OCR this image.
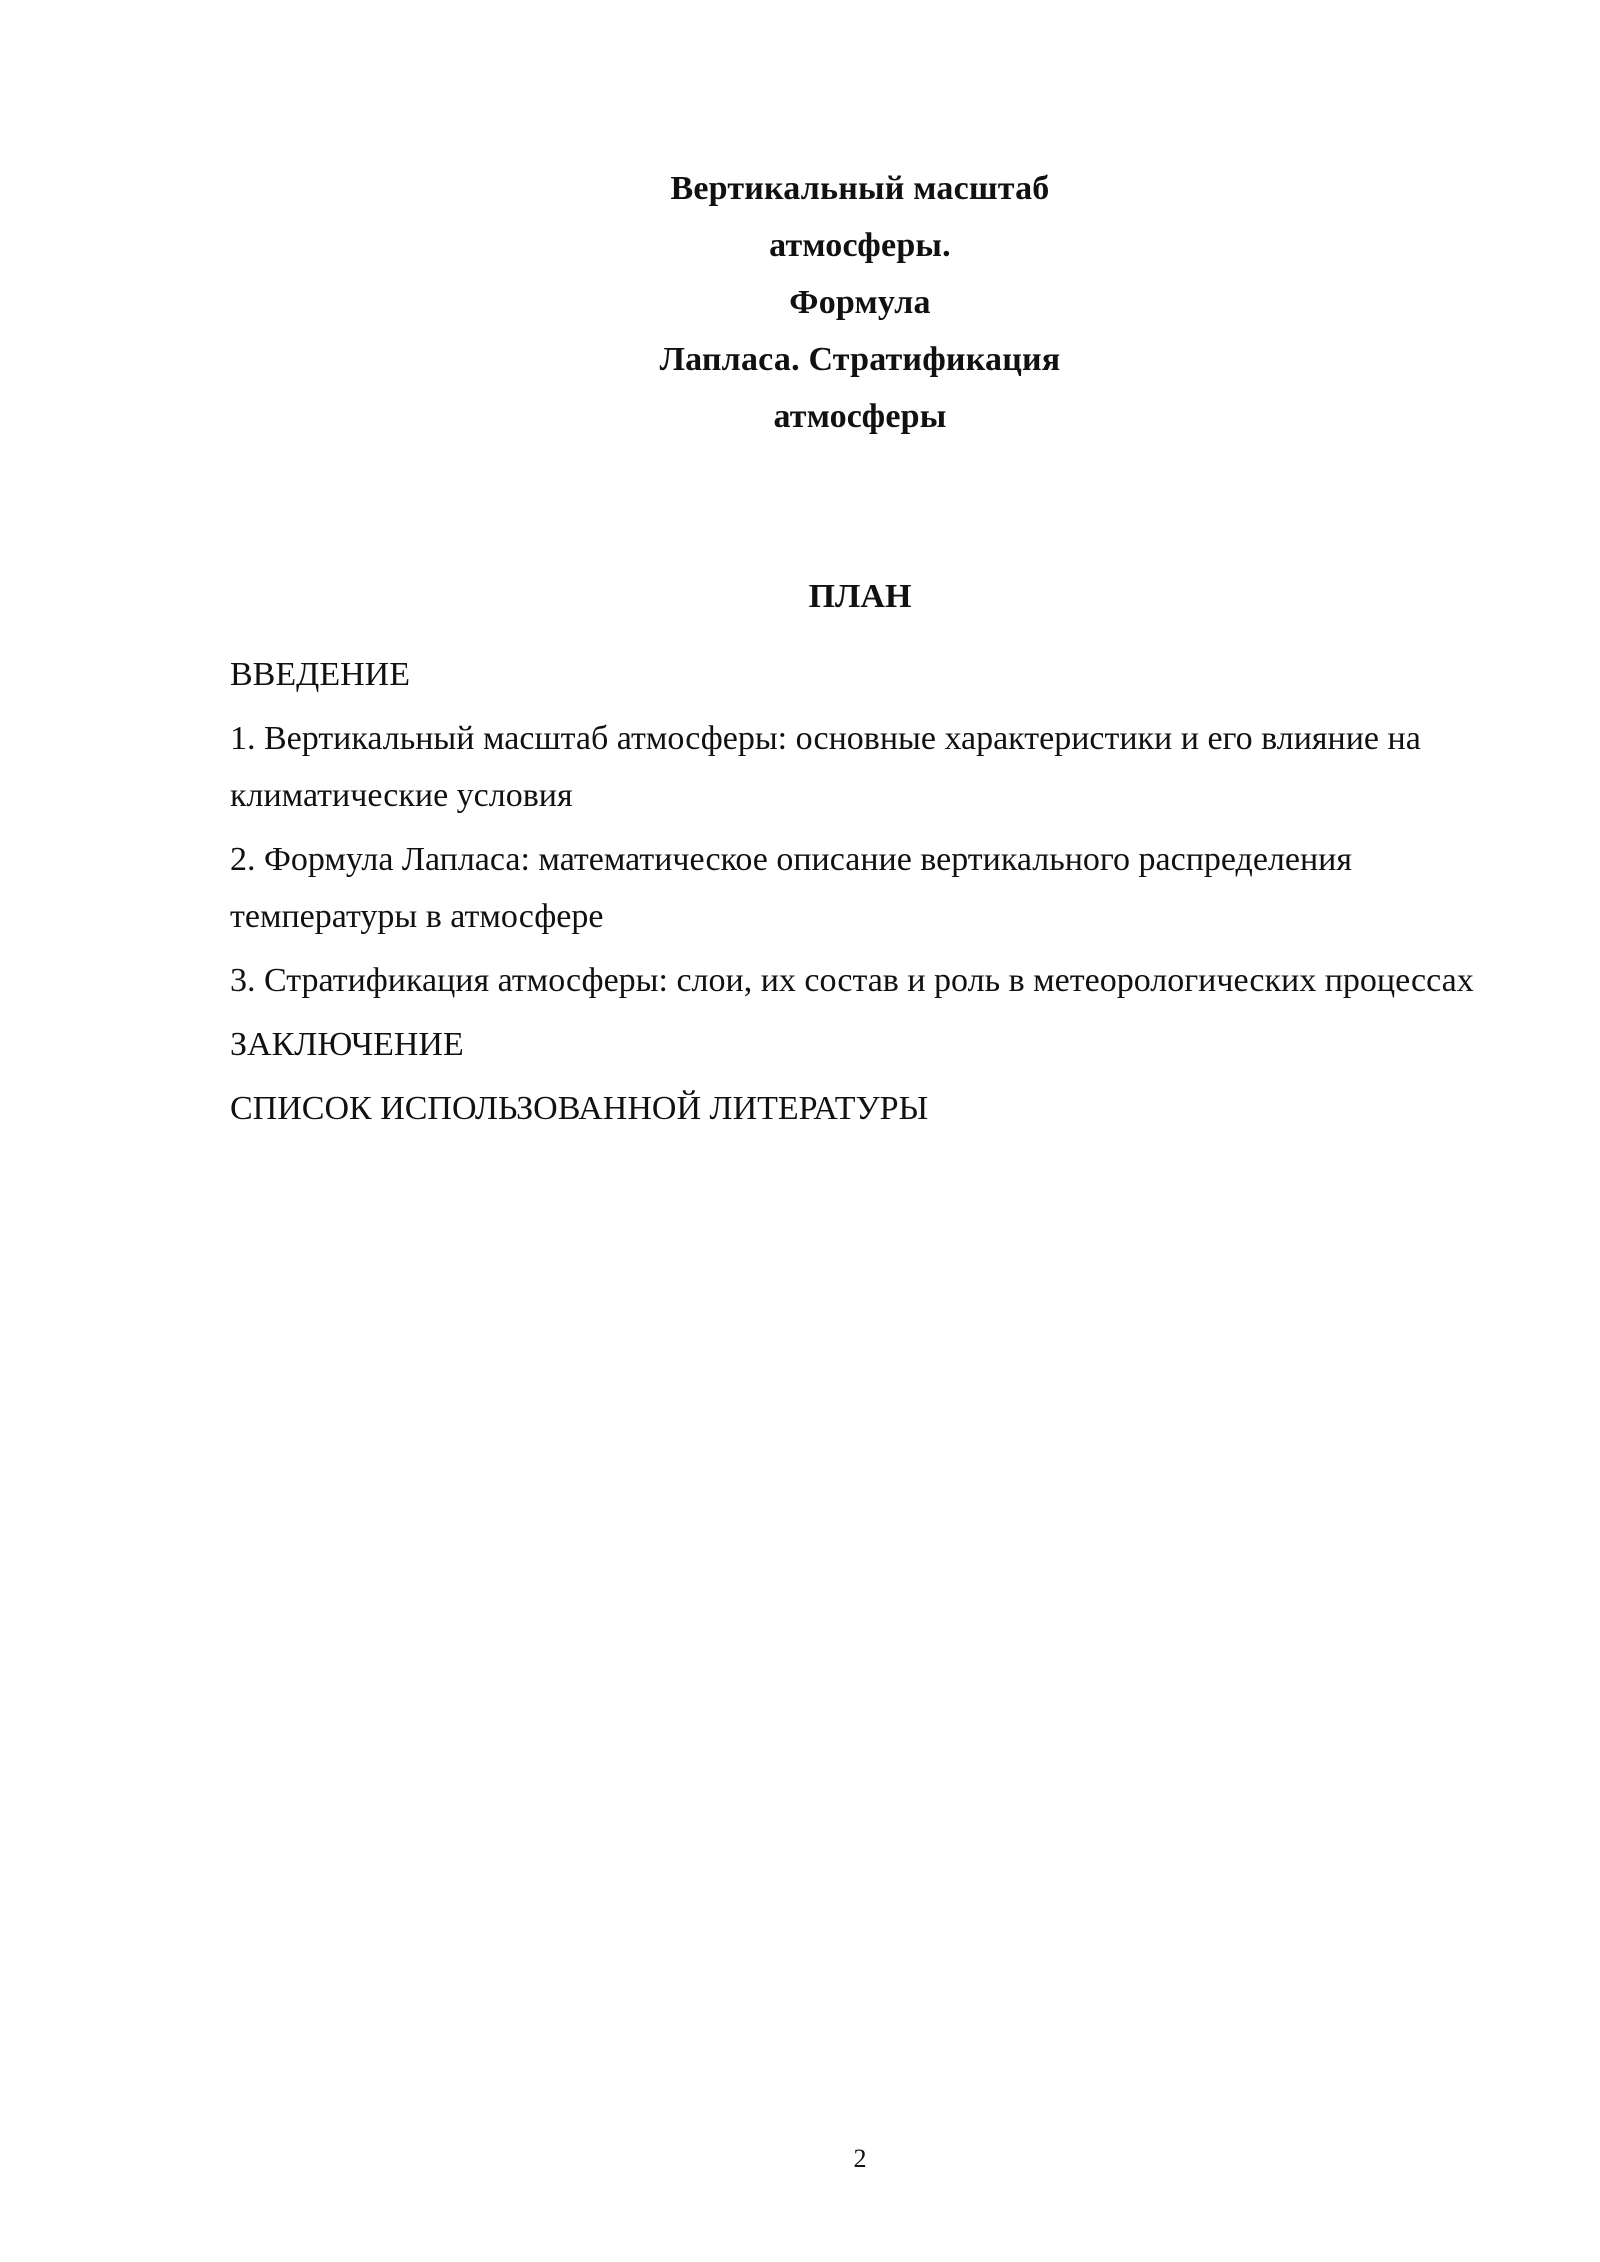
Вертикальный масштаб
атмосферы.
Формула
Лапласа. Стратификация
атмосферы
ПЛАН
ВВЕДЕНИЕ
1. Вертикальный масштаб атмосферы: основные характеристики и его влияние на климатические условия
2. Формула Лапласа: математическое описание вертикального распределения температуры в атмосфере
3. Стратификация атмосферы: слои, их состав и роль в метеорологических процессах
ЗАКЛЮЧЕНИЕ
СПИСОК ИСПОЛЬЗОВАННОЙ ЛИТЕРАТУРЫ
2
